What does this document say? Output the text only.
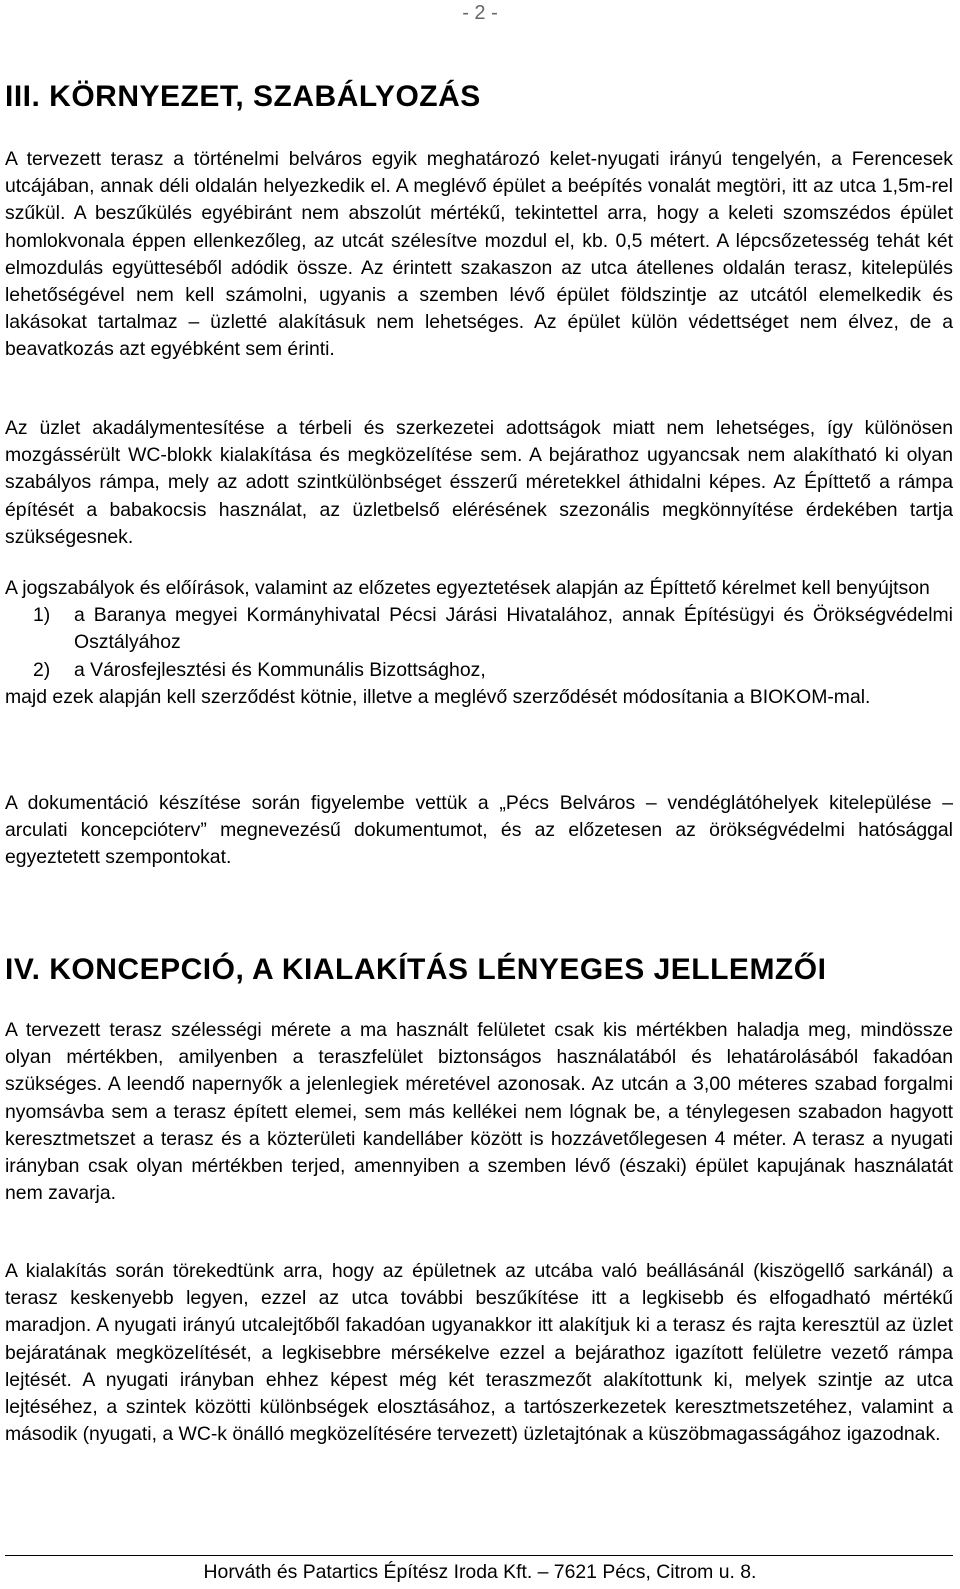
- 2 -
III. KÖRNYEZET, SZABÁLYOZÁS

A tervezett terasz a történelmi belváros egyik meghatározó kelet-nyugati irányú tengelyén, a Ferencesek utcájában, annak déli oldalán helyezkedik el. A meglévő épület a beépítés vonalát megtöri, itt az utca 1,5m-rel szűkül. A beszűkülés egyébiránt nem abszolút mértékű, tekintettel arra, hogy a keleti szomszédos épület homlokvonala éppen ellenkezőleg, az utcát szélesítve mozdul el, kb. 0,5 métert. A lépcsőzetesség tehát két elmozdulás együtteséből adódik össze. Az érintett szakaszon az utca átellenes oldalán terasz, kitelepülés lehetőségével nem kell számolni, ugyanis a szemben lévő épület földszintje az utcától elemelkedik és lakásokat tartalmaz – üzletté alakításuk nem lehetséges. Az épület külön védettséget nem élvez, de a beavatkozás azt egyébként sem érinti.

Az üzlet akadálymentesítése a térbeli és szerkezetei adottságok miatt nem lehetséges, így különösen mozgássérült WC-blokk kialakítása és megközelítése sem. A bejárathoz ugyancsak nem alakítható ki olyan szabályos rámpa, mely az adott szintkülönbséget ésszerű méretekkel áthidalni képes. Az Építtető a rámpa építését a babakocsis használat, az üzletbelső elérésének szezonális megkönnyítése érdekében tartja szükségesnek.

A jogszabályok és előírások, valamint az előzetes egyeztetések alapján az Építtető kérelmet kell benyújtson
1) a Baranya megyei Kormányhivatal Pécsi Járási Hivatalához, annak Építésügyi és Örökségvédelmi Osztályához
2) a Városfejlesztési és Kommunális Bizottsághoz,
majd ezek alapján kell szerződést kötnie, illetve a meglévő szerződését módosítania a BIOKOM-mal.

A dokumentáció készítése során figyelembe vettük a „Pécs Belváros – vendéglátóhelyek kitelepülése – arculati koncepcióterv” megnevezésű dokumentumot, és az előzetesen az örökségvédelmi hatósággal egyeztetett szempontokat.

IV. KONCEPCIÓ, A KIALAKÍTÁS LÉNYEGES JELLEMZŐI

A tervezett terasz szélességi mérete a ma használt felületet csak kis mértékben haladja meg, mindössze olyan mértékben, amilyenben a teraszfelület biztonságos használatából és lehatárolásából fakadóan szükséges. A leendő napernyők a jelenlegiek méretével azonosak. Az utcán a 3,00 méteres szabad forgalmi nyomsávba sem a terasz épített elemei, sem más kellékei nem lógnak be, a ténylegesen szabadon hagyott keresztmetszet a terasz és a közterületi kandelláber között is hozzávetőlegesen 4 méter. A terasz a nyugati irányban csak olyan mértékben terjed, amennyiben a szemben lévő (északi) épület kapujának használatát nem zavarja.

A kialakítás során törekedtünk arra, hogy az épületnek az utcába való beállásánál (kiszögellő sarkánál) a terasz keskenyebb legyen, ezzel az utca további beszűkítése itt a legkisebb és elfogadható mértékű maradjon. A nyugati irányú utcalejtőből fakadóan ugyanakkor itt alakítjuk ki a terasz és rajta keresztül az üzlet bejáratának megközelítését, a legkisebbre mérsékelve ezzel a bejárathoz igazított felületre vezető rámpa lejtését. A nyugati irányban ehhez képest még két teraszmezőt alakítottunk ki, melyek szintje az utca lejtéséhez, a szintek közötti különbségek elosztásához, a tartószerkezetek keresztmetszetéhez, valamint a második (nyugati, a WC-k önálló megközelítésére tervezett) üzletajtónak a küszöbmagasságához igazodnak.

Horváth és Patartics Építész Iroda Kft. – 7621 Pécs, Citrom u. 8.
